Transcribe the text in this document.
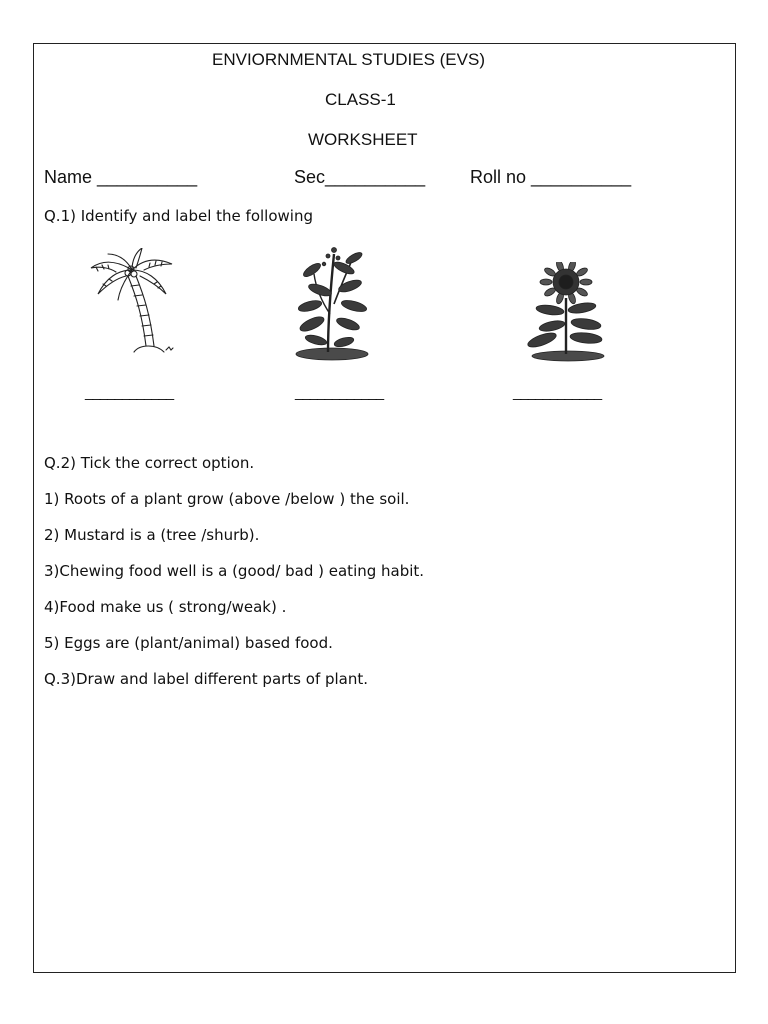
ENVIORNMENTAL STUDIES (EVS)
CLASS-1
WORKSHEET
Name __________	Sec__________ Roll no __________
Q.1) Identify and label the following
____________	____________	____________
Q.2) Tick the correct option.
1) Roots of a plant grow (above /below ) the soil.
2) Mustard is a (tree /shurb).
3)Chewing food well is a (good/ bad ) eating habit.
4)Food make us ( strong/weak) .
5) Eggs are (plant/animal) based food.
Q.3)Draw and label different parts of plant.
